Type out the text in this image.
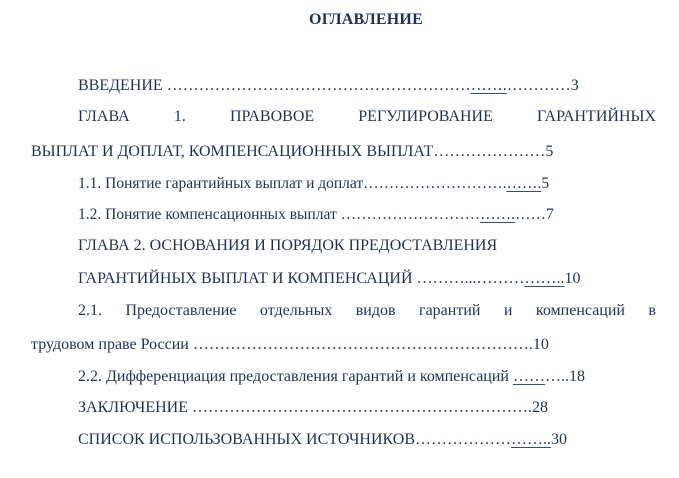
ОГЛАВЛЕНИЕ
ВВЕДЕНИЕ ……………………………………………………….…………3
ГЛАВА	1.	ПРАВОВОЕ	РЕГУЛИРОВАНИЕ	ГАРАНТИЙНЫХ
ВЫПЛАТ И ДОПЛАТ, КОМПЕНСАЦИОННЫХ ВЫПЛАТ…………………5
1.1. Понятие гарантийных выплат и доплат……………………….…….5
1.2. Понятие компенсационных выплат …………………………….……7
ГЛАВА 2. ОСНОВАНИЯ И ПОРЯДОК ПРЕДОСТАВЛЕНИЯ
ГАРАНТИЙНЫХ ВЫПЛАТ И КОМПЕНСАЦИЙ ………...……………..10
2.1. Предоставление отдельных видов гарантий и компенсаций в
трудовом праве России ……………………………………………………….10
2.2. Дифференциация предоставления гарантий и компенсаций ………..18
ЗАКЛЮЧЕНИЕ ……………………………………………………….28
СПИСОК ИСПОЛЬЗОВАННЫХ ИСТОЧНИКОВ……………………..30
